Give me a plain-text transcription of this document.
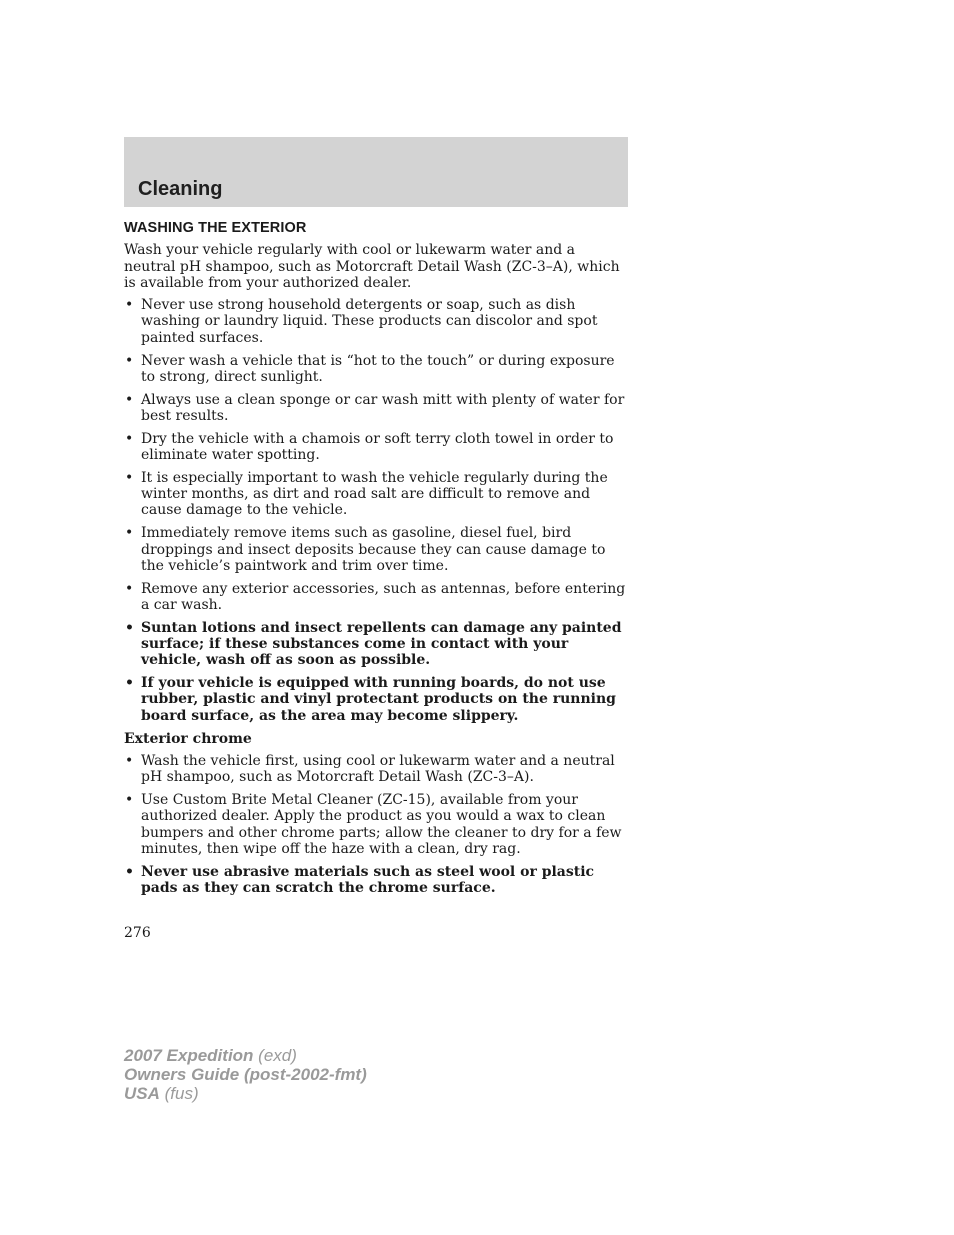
Cleaning
WASHING THE EXTERIOR

Wash your vehicle regularly with cool or lukewarm water and a neutral pH shampoo, such as Motorcraft Detail Wash (ZC-3–A), which is available from your authorized dealer.

• Never use strong household detergents or soap, such as dish washing or laundry liquid. These products can discolor and spot painted surfaces.
• Never wash a vehicle that is “hot to the touch” or during exposure to strong, direct sunlight.
• Always use a clean sponge or car wash mitt with plenty of water for best results.
• Dry the vehicle with a chamois or soft terry cloth towel in order to eliminate water spotting.
• It is especially important to wash the vehicle regularly during the winter months, as dirt and road salt are difficult to remove and cause damage to the vehicle.
• Immediately remove items such as gasoline, diesel fuel, bird droppings and insect deposits because they can cause damage to the vehicle’s paintwork and trim over time.
• Remove any exterior accessories, such as antennas, before entering a car wash.
• Suntan lotions and insect repellents can damage any painted surface; if these substances come in contact with your vehicle, wash off as soon as possible.
• If your vehicle is equipped with running boards, do not use rubber, plastic and vinyl protectant products on the running board surface, as the area may become slippery.
Exterior chrome
• Wash the vehicle first, using cool or lukewarm water and a neutral pH shampoo, such as Motorcraft Detail Wash (ZC-3–A).
• Use Custom Brite Metal Cleaner (ZC-15), available from your authorized dealer. Apply the product as you would a wax to clean bumpers and other chrome parts; allow the cleaner to dry for a few minutes, then wipe off the haze with a clean, dry rag.
• Never use abrasive materials such as steel wool or plastic pads as they can scratch the chrome surface.
276
2007 Expedition (exd)
Owners Guide (post-2002-fmt)
USA (fus)
